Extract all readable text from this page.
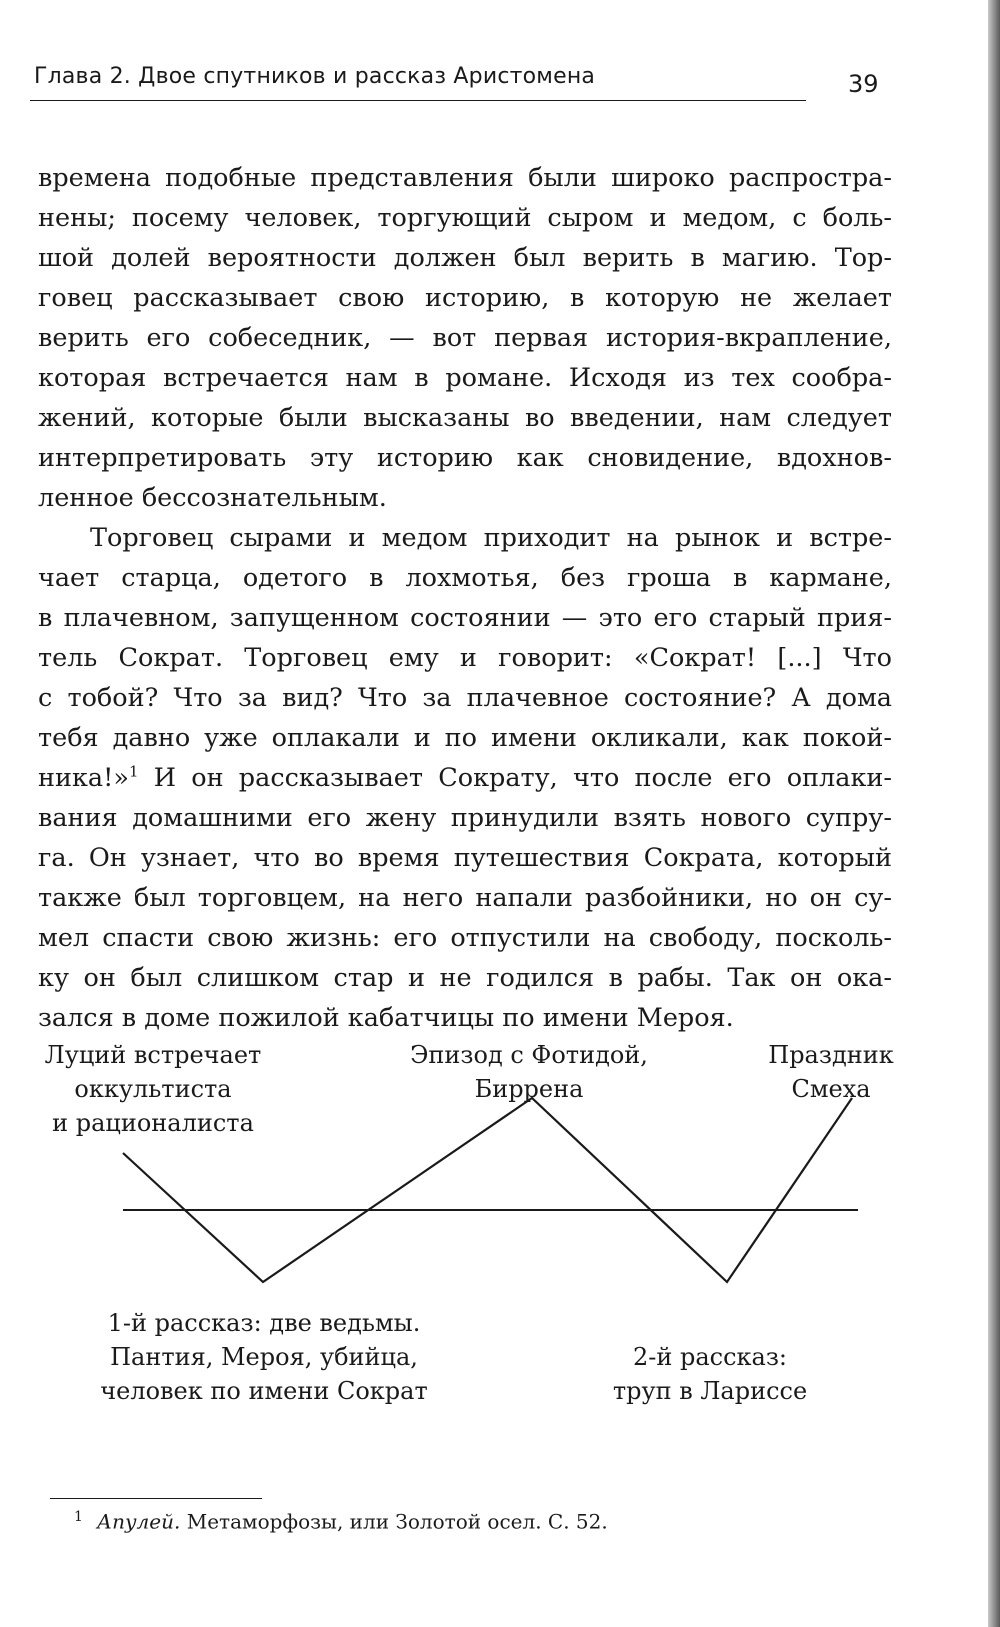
Глава 2. Двое спутников и рассказ Аристомена	39
времена подобные представления были широко распростра-
нены; посему человек, торгующий сыром и медом, с боль-
шой долей вероятности должен был верить в магию. Тор-
говец рассказывает свою историю, в которую не желает
верить его собеседник, — вот первая история-вкрапление,
которая встречается нам в романе. Исходя из тех сообра-
жений, которые были высказаны во введении, нам следует
интерпретировать эту историю как сновидение, вдохнов-
ленное бессознательным.
Торговец сырами и медом приходит на рынок и встре-
чает старца, одетого в лохмотья, без гроша в кармане,
в плачевном, запущенном состоянии — это его старый прия-
тель Сократ. Торговец ему и говорит: «Сократ! [...] Что
с тобой? Что за вид? Что за плачевное состояние? А дома
тебя давно уже оплакали и по имени окликали, как покой-
ника!»$^1$ И он рассказывает Сократу, что после его оплаки-
вания домашними его жену принудили взять нового супру-
га. Он узнает, что во время путешествия Сократа, который
также был торговцем, на него напали разбойники, но он су-
мел спасти свою жизнь: его отпустили на свободу, посколь-
ку он был слишком стар и не годился в рабы. Так он ока-
зался в доме пожилой кабатчицы по имени Мероя.
Луций встречает
оккультиста
и рационалиста
Эпизод с Фотидой,
Биррена
Праздник
Смеха
1-й рассказ: две ведьмы.
Пантия, Мероя, убийца,
человек по имени Сократ
2-й рассказ:
труп в Лариссе
$^1$ Апулей. Метаморфозы, или Золотой осел. С. 52.
